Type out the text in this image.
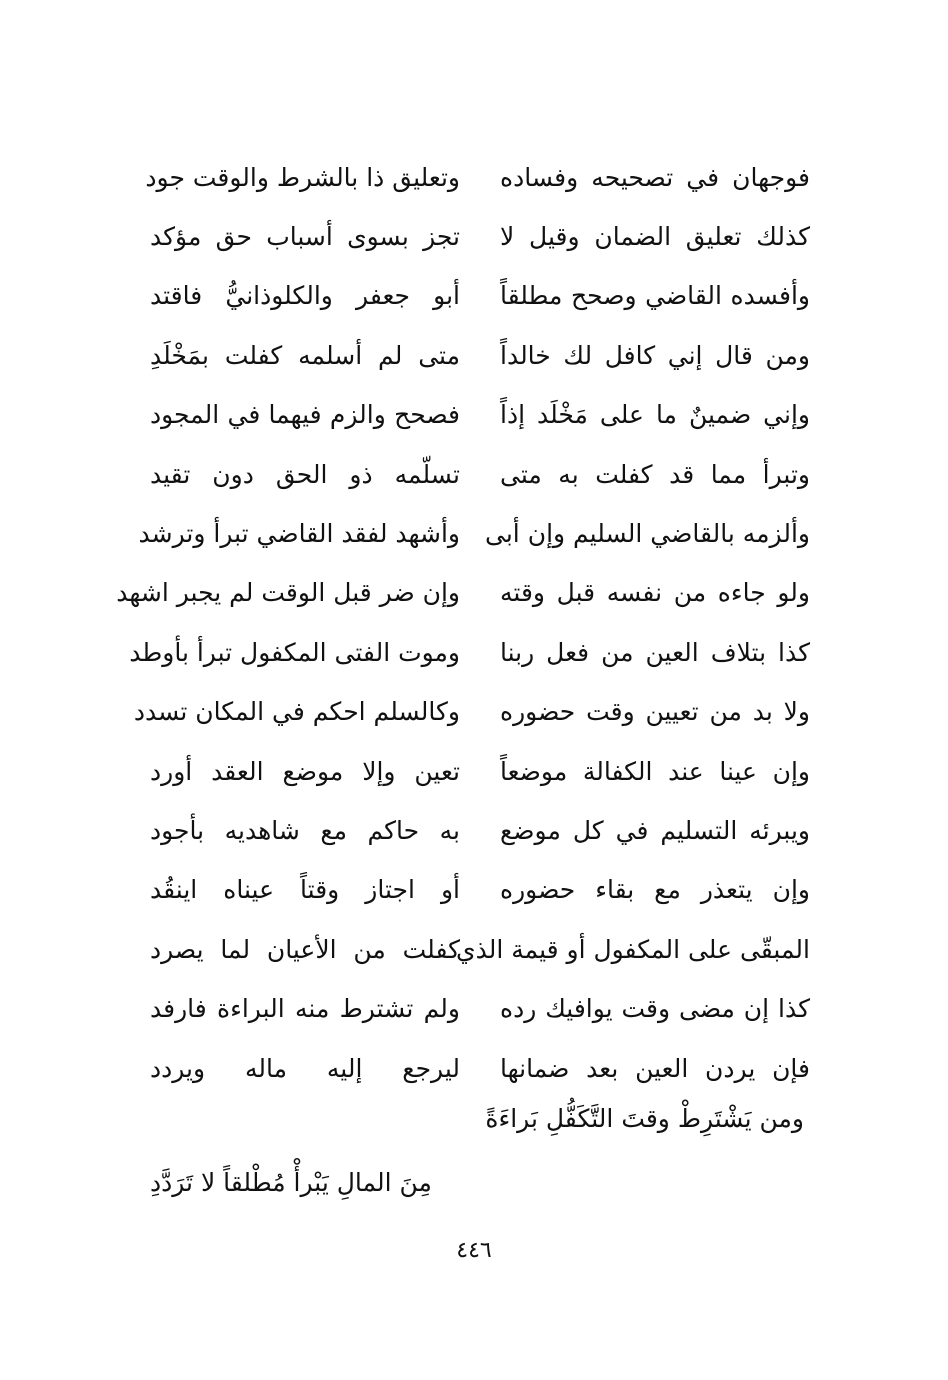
فوجهان في تصحيحه وفساده
وتعليق ذا بالشرط والوقت جود
كذلك تعليق الضمان وقيل لا
تجز بسوى أسباب حق مؤكد
وأفسده القاضي وصحح مطلقاً
أبو جعفر والكلوذانيُّ فاقتد
ومن قال إني كافل لك خالداً
متى لم أسلمه كفلت بمَخْلَدِ
وإني ضمينٌ ما على مَخْلَد إذاً
فصحح والزم فيهما في المجود
وتبرأ مما قد كفلت به متى
تسلّمه ذو الحق دون تقيد
وألزمه بالقاضي السليم وإن أبى
وأشهد لفقد القاضي تبرأ وترشد
ولو جاءه من نفسه قبل وقته
وإن ضر قبل الوقت لم يجبر اشهد
كذا بتلاف العين من فعل ربنا
وموت الفتى المكفول تبرأ بأوطد
ولا بد من تعيين وقت حضوره
وكالسلم احكم في المكان تسدد
وإن عينا عند الكفالة موضعاً
تعين وإلا موضع العقد أورد
ويبرئه التسليم في كل موضع
به حاكم مع شاهديه بأجود
وإن يتعذر مع بقاء حضوره
أو اجتاز وقتاً عيناه اينقُد
المبقّى على المكفول أو قيمة الذي
كفلت من الأعيان لما يصرد
كذا إن مضى وقت يوافيك رده
ولم تشترط منه البراءة فارفد
فإن يردن العين بعد ضمانها
ليرجع إليه ماله ويردد
ومن يَشْتَرِطْ وقتَ التَّكَفُّلِ بَراءَةً
مِنَ المالِ يَبْرأْ مُطْلقاً لا تَرَدَّدِ
٤٤٦
